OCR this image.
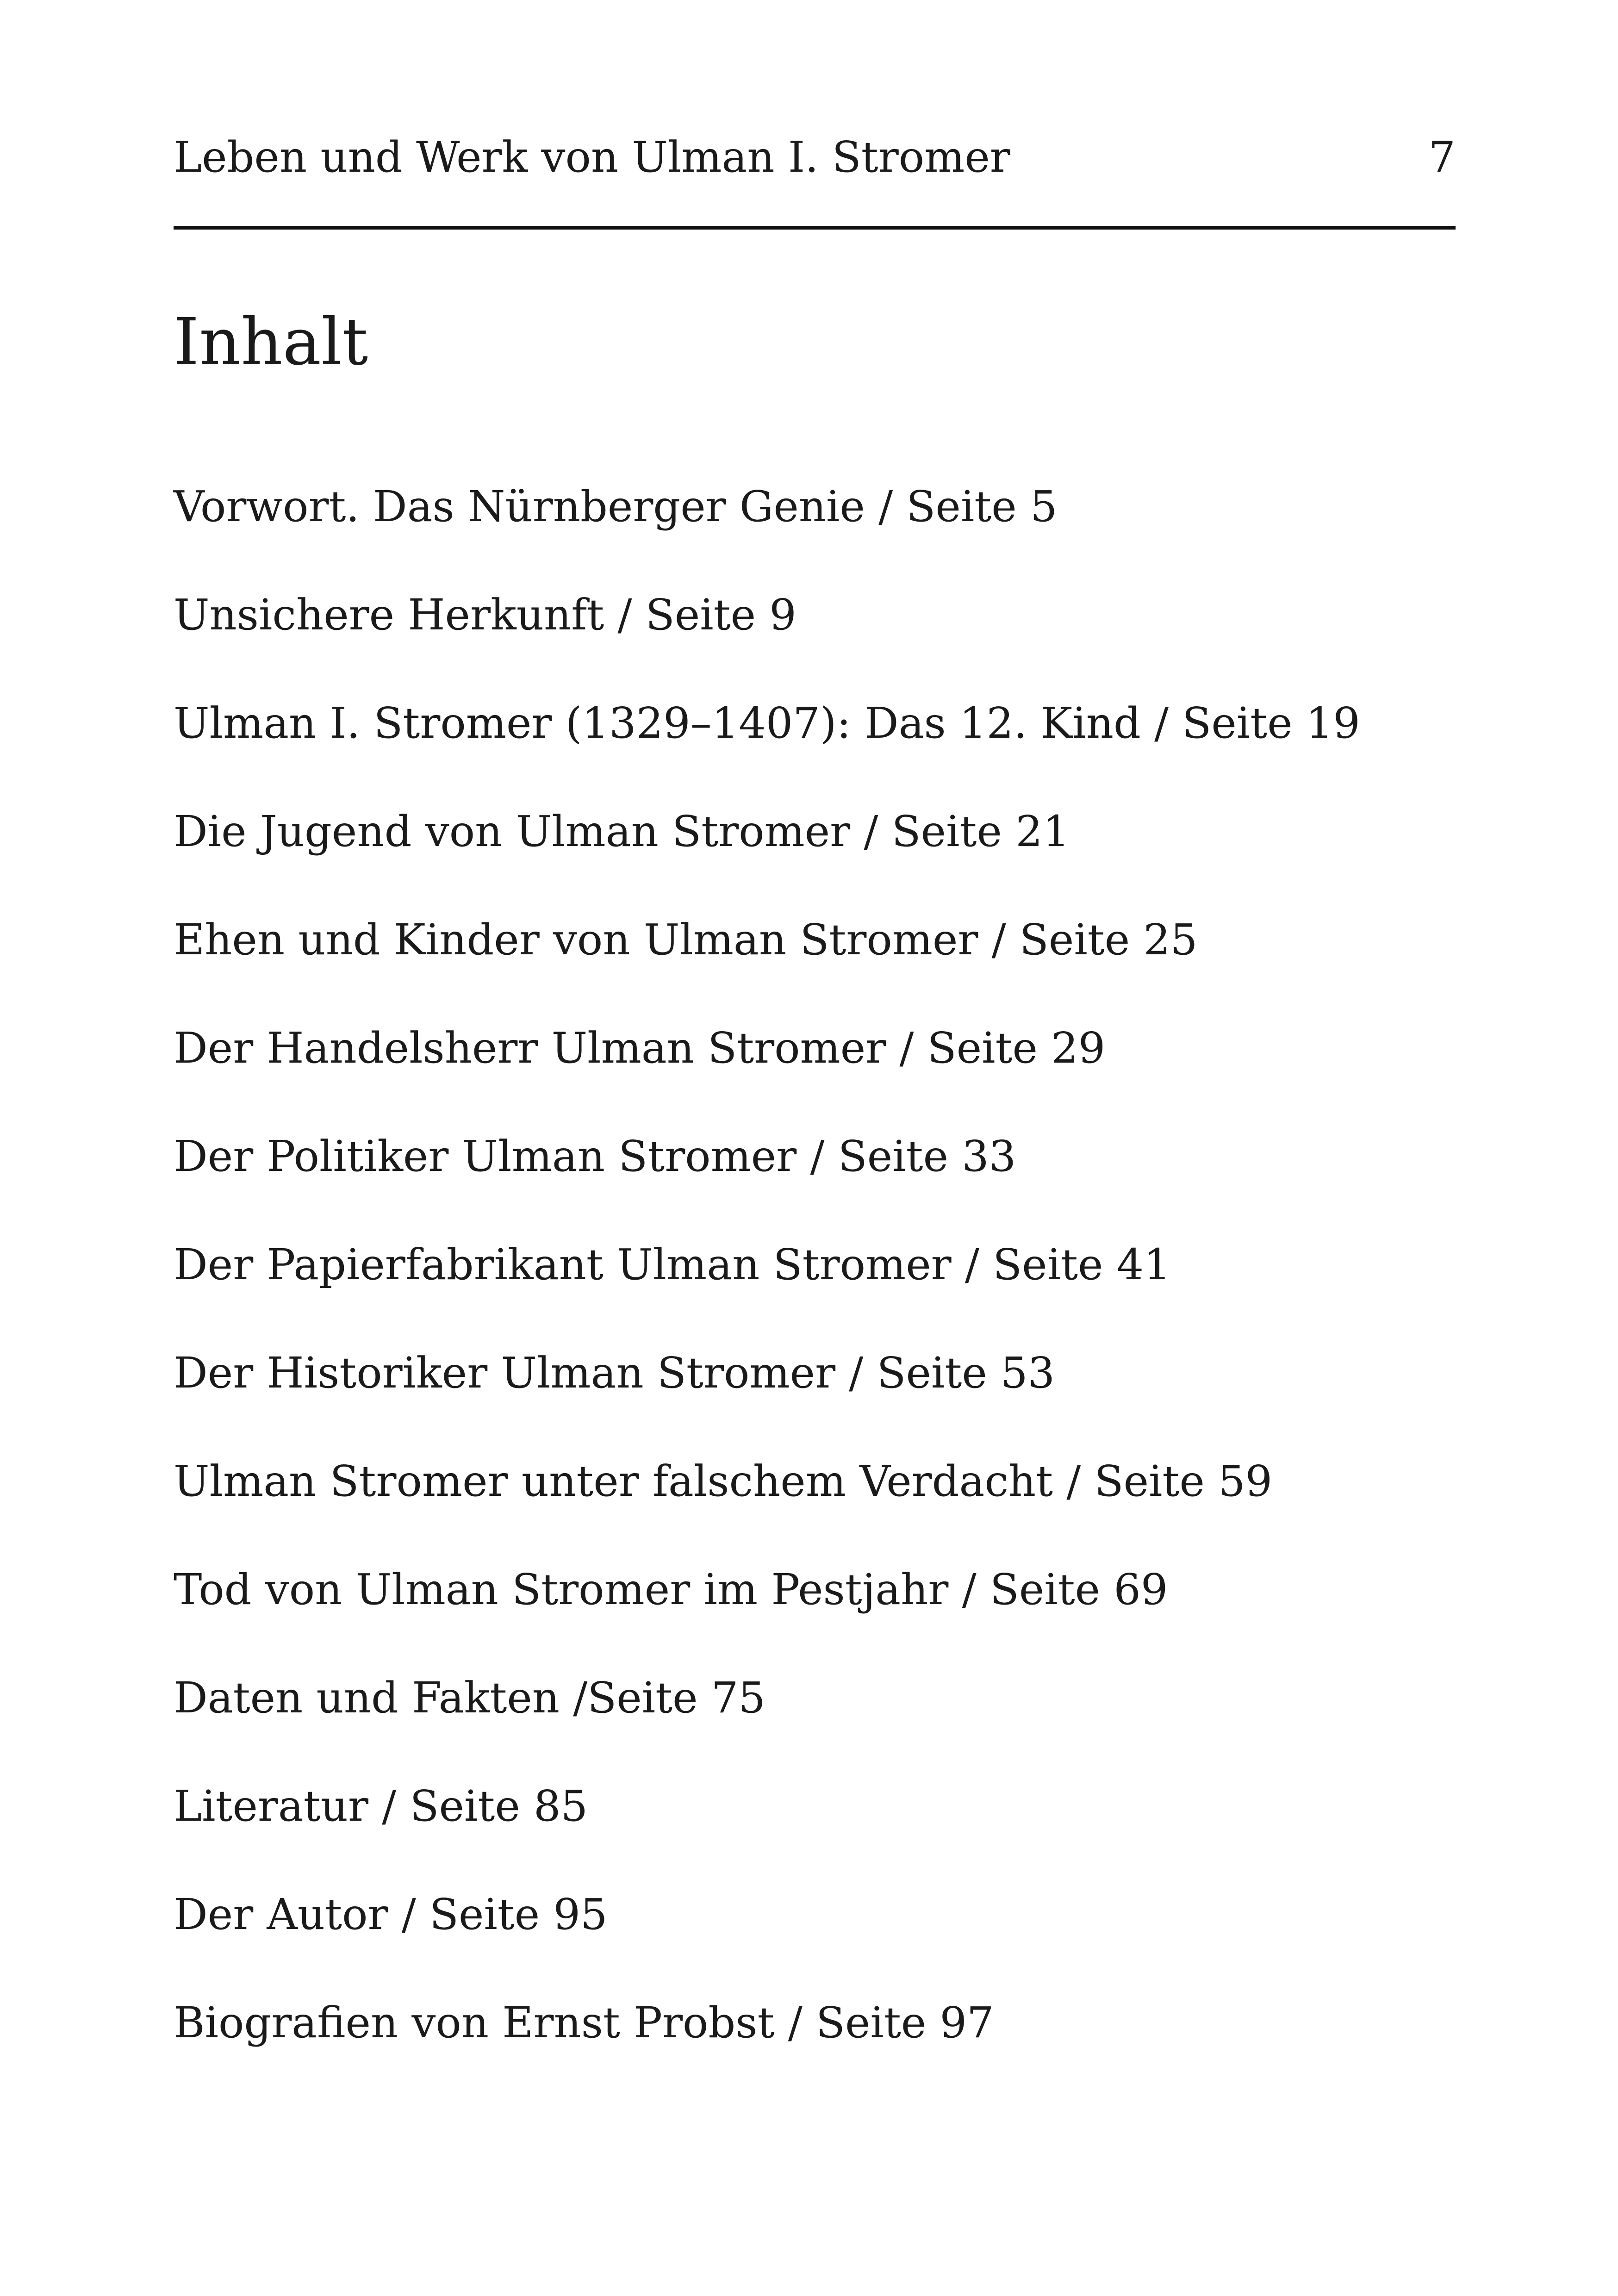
Leben und Werk von Ulman I. Stromer	7
Inhalt
Vorwort. Das Nürnberger Genie / Seite 5
Unsichere Herkunft / Seite 9
Ulman I. Stromer (1329–1407): Das 12. Kind / Seite 19
Die Jugend von Ulman Stromer / Seite 21
Ehen und Kinder von Ulman Stromer / Seite 25
Der Handelsherr Ulman Stromer / Seite 29
Der Politiker Ulman Stromer / Seite 33
Der Papierfabrikant Ulman Stromer / Seite 41
Der Historiker Ulman Stromer / Seite 53
Ulman Stromer unter falschem Verdacht / Seite 59
Tod von Ulman Stromer im Pestjahr / Seite 69
Daten und Fakten /Seite 75
Literatur / Seite 85
Der Autor / Seite 95
Biografien von Ernst Probst / Seite 97
